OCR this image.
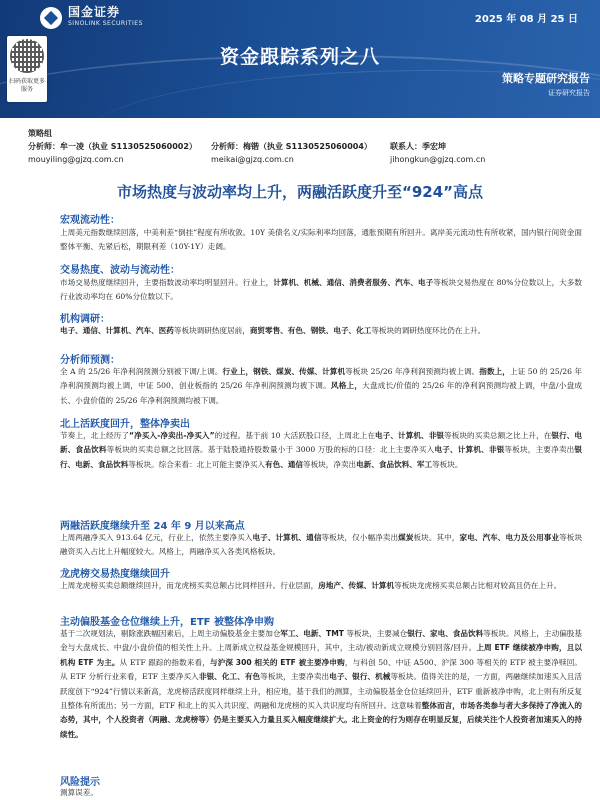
国金证券
SINOLINK SECURITIES	2025 年 08 月 25 日
扫码获取更多服务
资金跟踪系列之八
策略专题研究报告
证券研究报告
策略组
分析师：牟一凌（执业 S1130525060002）
mouyiling@gjzq.com.cn
分析师：梅锴（执业 S1130525060004）
meikai@gjzq.com.cn
联系人：季宏坤
jihongkun@gjzq.com.cn
市场热度与波动率均上升，两融活跃度升至“924”高点
宏观流动性：

上周美元指数继续回落，中美利差“倒挂”程度有所收敛。10Y 美债名义/实际利率均回落，通胀预期有所回升。离岸美元流动性有所收紧，国内银行间资金面整体平衡、先紧后松，期限利差（10Y-1Y）走阔。

交易热度、波动与流动性：

市场交易热度继续回升，主要指数波动率均明显回升。行业上，计算机、机械、通信、消费者服务、汽车、电子等板块交易热度在 80%分位数以上，大多数行业波动率均在 60%分位数以下。

机构调研：

电子、通信、计算机、汽车、医药等板块调研热度居前，商贸零售、有色、钢铁、电子、化工等板块的调研热度环比仍在上升。

分析师预测：

全 A 的 25/26 年净利润预测分别被下调/上调。行业上，钢铁、煤炭、传媒、计算机等板块 25/26 年净利润预测均被上调。指数上，上证 50 的 25/26 年净利润预测均被上调，中证 500、创业板指的 25/26 年净利润预测均被下调。风格上，大盘成长/价值的 25/26 年的净利润预测均被上调，中盘/小盘成长、小盘价值的 25/26 年净利润预测均被下调。

北上活跃度回升，整体净卖出

节奏上，北上经历了“净买入-净卖出-净买入”的过程。基于前 10 大活跃股口径，上周北上在电子、计算机、非银等板块的买卖总额之比上升，在银行、电新、食品饮料等板块的买卖总额之比回落。基于陆股通持股数量小于 3000 万股的标的口径：北上主要净买入电子、计算机、非银等板块，主要净卖出银行、电新、食品饮料等板块。综合来看：北上可能主要净买入有色、通信等板块，净卖出电新、食品饮料、军工等板块。

两融活跃度继续升至 24 年 9 月以来高点

上周两融净买入 913.64 亿元，行业上，依然主要净买入电子、计算机、通信等板块，仅小幅净卖出煤炭板块。其中，家电、汽车、电力及公用事业等板块融资买入占比上升幅度较大。风格上，两融净买入各类风格板块。

龙虎榜交易热度继续回升

上周龙虎榜买卖总额继续回升，而龙虎榜买卖总额占比同样回升。行业层面，房地产、传媒、计算机等板块龙虎榜买卖总额占比相对较高且仍在上升。

主动偏股基金仓位继续上升，ETF 被整体净申购

基于二次规划法，剔除涨跌幅因素后，上周主动偏股基金主要加仓军工、电新、TMT 等板块，主要减仓银行、家电、食品饮料等板块。风格上，主动偏股基金与大盘成长、中盘/小盘价值的相关性上升。上周新成立权益基金规模回升，其中，主动/被动新成立规模分别回落/回升。上周 ETF 继续被净申购，且以机构 ETF 为主。从 ETF 跟踪的指数来看，与沪深 300 相关的 ETF 被主要净申购，与科创 50、中证 A500、沪深 300 等相关的 ETF 被主要净赎回。从 ETF 分析行业来看，ETF 主要净买入非银、化工、有色等板块，主要净卖出电子、银行、机械等板块。值得关注的是，一方面，两融继续加速买入且活跃度创下“924”行情以来新高，龙虎榜活跃度同样继续上升，相应地，基于我们的测算，主动偏股基金仓位延续回升，ETF 重新被净申购，北上则有所反复且整体有所流出；另一方面，ETF 和北上的买入共识度、两融和龙虎榜的买入共识度均有所回升。这意味着整体而言，市场各类参与者大多保持了净流入的态势，其中，个人投资者（两融、龙虎榜等）仍是主要买入力量且买入幅度继续扩大。北上资金的行为则存在明显反复，后续关注个人投资者加速买入的持续性。

风险提示

测算误差。
